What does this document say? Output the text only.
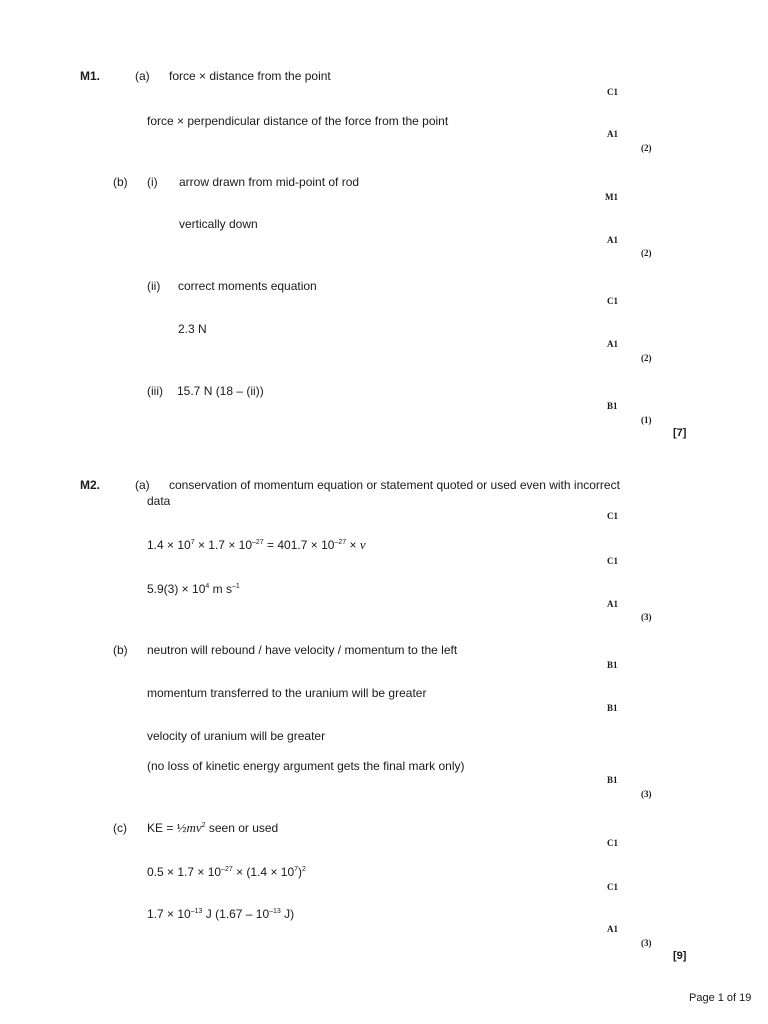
M1.	(a) force × distance from the point
C1
force × perpendicular distance of the force from the point
A1
(2)
(b) (i) arrow drawn from mid-point of rod
M1
vertically down
A1
(2)
(ii) correct moments equation
C1
2.3 N
A1
(2)
(iii) 15.7 N (18 – (ii))
B1
(1)
[7]
M2.	(a) conservation of momentum equation or statement quoted or used even with incorrect
data
C1
$1.4 \times 10^7 \times 1.7 \times 10^{-27} = 401.7 \times 10^{-27} \times v$
C1
$5.9(3) \times 10^4$ m $s^{-1}$
A1
(3)
(b) neutron will rebound / have velocity / momentum to the left
B1
momentum transferred to the uranium will be greater
B1
velocity of uranium will be greater
(no loss of kinetic energy argument gets the final mark only)
B1
(3)
(c) KE = $\frac{1}{2}mv^2$ seen or used
C1
$0.5 \times 1.7 \times 10^{-27} \times (1.4 \times 10^7)^2$
C1
$1.7 \times 10^{-13}$ J ($1.67 - 10^{-13}$ J)
A1
(3)
[9]
Page 1 of 19
